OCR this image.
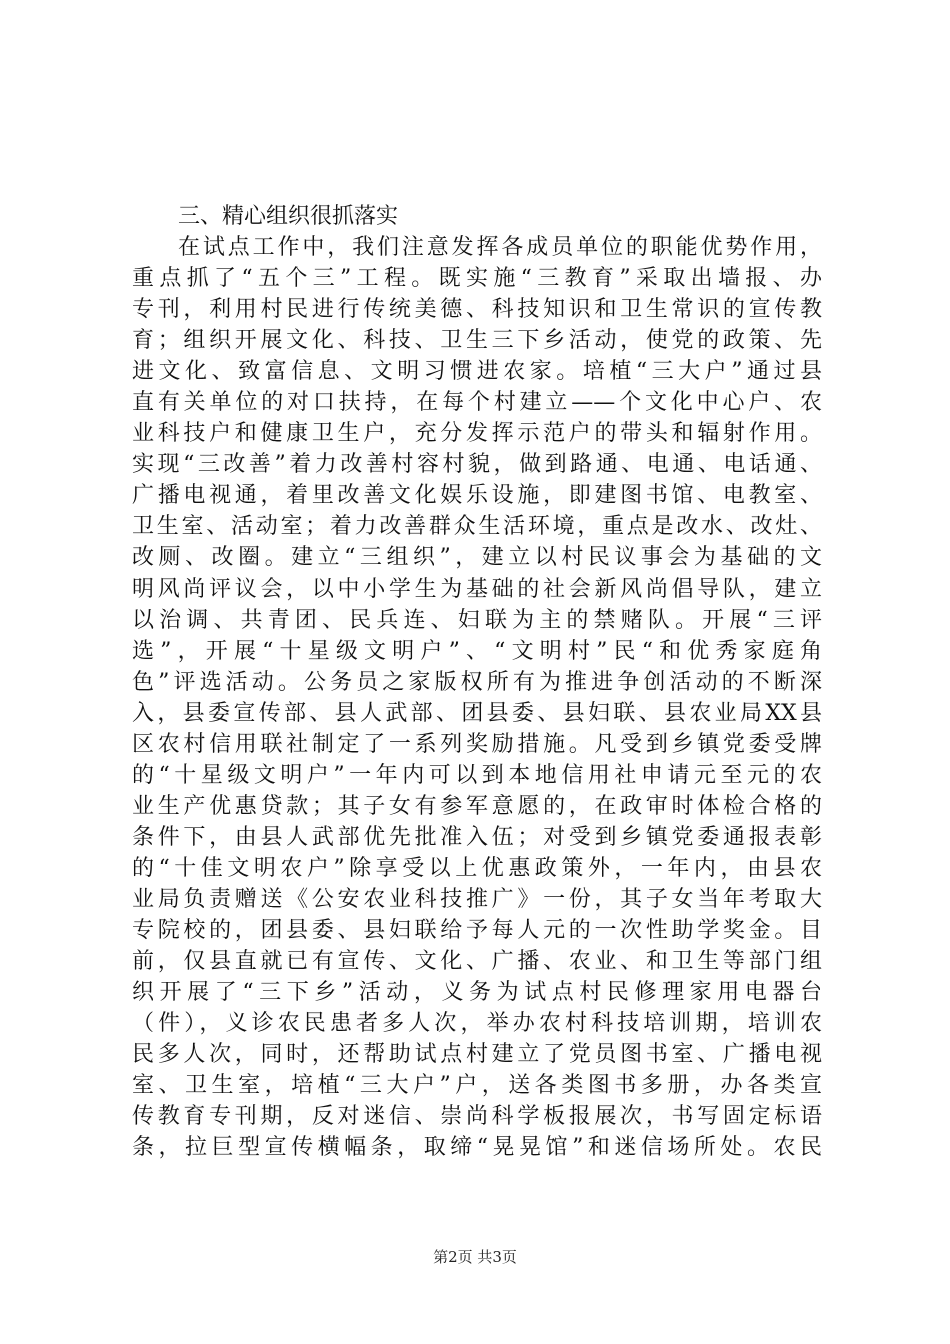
三、精心组织很抓落实
在试点工作中，我们注意发挥各成员单位的职能优势作用，
重点抓了“五个三”工程。既实施“三教育”采取出墙报、办
专刊，利用村民进行传统美德、科技知识和卫生常识的宣传教
育；组织开展文化、科技、卫生三下乡活动，使党的政策、先
进文化、致富信息、文明习惯进农家。培植“三大户”通过县
直有关单位的对口扶持，在每个村建立——个文化中心户、农
业科技户和健康卫生户，充分发挥示范户的带头和辐射作用。
实现“三改善”着力改善村容村貌，做到路通、电通、电话通、
广播电视通，着里改善文化娱乐设施，即建图书馆、电教室、
卫生室、活动室；着力改善群众生活环境，重点是改水、改灶、
改厕、改圈。建立“三组织”，建立以村民议事会为基础的文
明风尚评议会，以中小学生为基础的社会新风尚倡导队，建立
以治调、共青团、民兵连、妇联为主的禁赌队。开展“三评
选”，开展“十星级文明户”、“文明村”民“和优秀家庭角
色”评选活动。公务员之家版权所有为推进争创活动的不断深
入，县委宣传部、县人武部、团县委、县妇联、县农业局XX县
区农村信用联社制定了一系列奖励措施。凡受到乡镇党委受牌
的“十星级文明户”一年内可以到本地信用社申请元至元的农
业生产优惠贷款；其子女有参军意愿的，在政审时体检合格的
条件下，由县人武部优先批准入伍；对受到乡镇党委通报表彰
的“十佳文明农户”除享受以上优惠政策外，一年内，由县农
业局负责赠送《公安农业科技推广》一份，其子女当年考取大
专院校的，团县委、县妇联给予每人元的一次性助学奖金。目
前，仅县直就已有宣传、文化、广播、农业、和卫生等部门组
织开展了“三下乡”活动，义务为试点村民修理家用电器台
（件），义诊农民患者多人次，举办农村科技培训期，培训农
民多人次，同时，还帮助试点村建立了党员图书室、广播电视
室、卫生室，培植“三大户”户，送各类图书多册，办各类宣
传教育专刊期，反对迷信、崇尚科学板报展次，书写固定标语
条，拉巨型宣传横幅条，取缔“晃晃馆”和迷信场所处。农民
第2页 共3页
